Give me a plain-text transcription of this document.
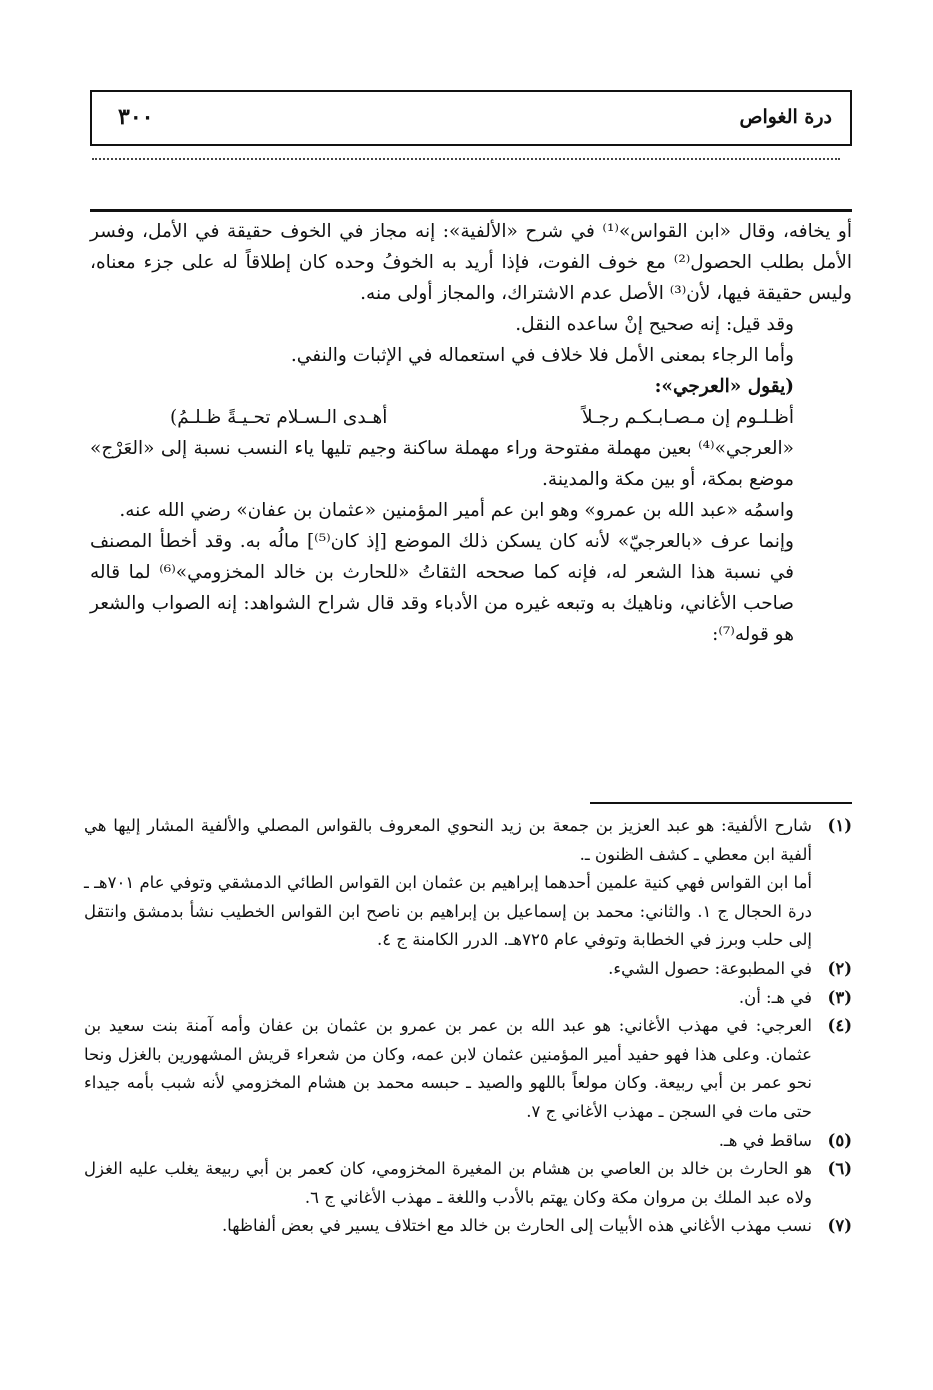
درة الغواص
٣٠٠

أو يخافه، وقال «ابن القواس»⁽¹⁾ في شرح «الألفية»: إنه مجاز في الخوف حقيقة في الأمل، وفسر الأمل بطلب الحصول⁽²⁾ مع خوف الفوت، فإذا أريد به الخوفُ وحده كان إطلاقاً له على جزء معناه، وليس حقيقة فيها، لأن⁽³⁾ الأصل عدم الاشتراك، والمجاز أولى منه.

وقد قيل: إنه صحيح إنْ ساعده النقل.

وأما الرجاء بمعنى الأمل فلا خلاف في استعماله في الإثبات والنفي.

(يقول «العرجي»:

أظـلـوم إن مـصـابـكـم رجـلاً
أهـدى الـسـلام تحـيـةً ظـلـمُ)

«العرجي»⁽⁴⁾ بعين مهملة مفتوحة وراء مهملة ساكنة وجيم تليها ياء النسب نسبة إلى «العَرْج» موضع بمكة، أو بين مكة والمدينة.

واسمُه «عبد الله بن عمرو» وهو ابن عم أمير المؤمنين «عثمان بن عفان» رضي الله عنه.

وإنما عرف «بالعرجيّ» لأنه كان يسكن ذلك الموضع [إذ كان⁽⁵⁾] مالُه به. وقد أخطأ المصنف في نسبة هذا الشعر له، فإنه كما صححه الثقاتُ «للحارث بن خالد المخزومي»⁽⁶⁾ لما قاله صاحب الأغاني، وناهيك به وتبعه غيره من الأدباء وقد قال شراح الشواهد: إنه الصواب والشعر هو قوله⁽⁷⁾:

(١)

شارح الألفية: هو عبد العزيز بن جمعة بن زيد النحوي المعروف بالقواس المصلي والألفية المشار إليها هي ألفية ابن معطي ـ كشف الظنون ـ.

أما ابن القواس فهي كنية علمين أحدهما إبراهيم بن عثمان ابن القواس الطائي الدمشقي وتوفي عام ٧٠١هـ ـ درة الحجال ج ١. والثاني: محمد بن إسماعيل بن إبراهيم بن ناصح ابن القواس الخطيب نشأ بدمشق وانتقل إلى حلب وبرز في الخطابة وتوفي عام ٧٢٥هـ. الدرر الكامنة ج ٤.

(٢)

في المطبوعة: حصول الشيء.

(٣)

في هـ: أن.

(٤)

العرجي: في مهذب الأغاني: هو عبد الله بن عمر بن عمرو بن عثمان بن عفان وأمه آمنة بنت سعيد بن عثمان. وعلى هذا فهو حفيد أمير المؤمنين عثمان لابن عمه، وكان من شعراء قريش المشهورين بالغزل ونحا نحو عمر بن أبي ربيعة. وكان مولعاً باللهو والصيد ـ حبسه محمد بن هشام المخزومي لأنه شبب بأمه جيداء حتى مات في السجن ـ مهذب الأغاني ج ٧.

(٥)

ساقط في هـ.

(٦)

هو الحارث بن خالد بن العاصي بن هشام بن المغيرة المخزومي، كان كعمر بن أبي ربيعة يغلب عليه الغزل ولاه عبد الملك بن مروان مكة وكان يهتم بالأدب واللغة ـ مهذب الأغاني ج ٦.

(٧)

نسب مهذب الأغاني هذه الأبيات إلى الحارث بن خالد مع اختلاف يسير في بعض ألفاظها.
